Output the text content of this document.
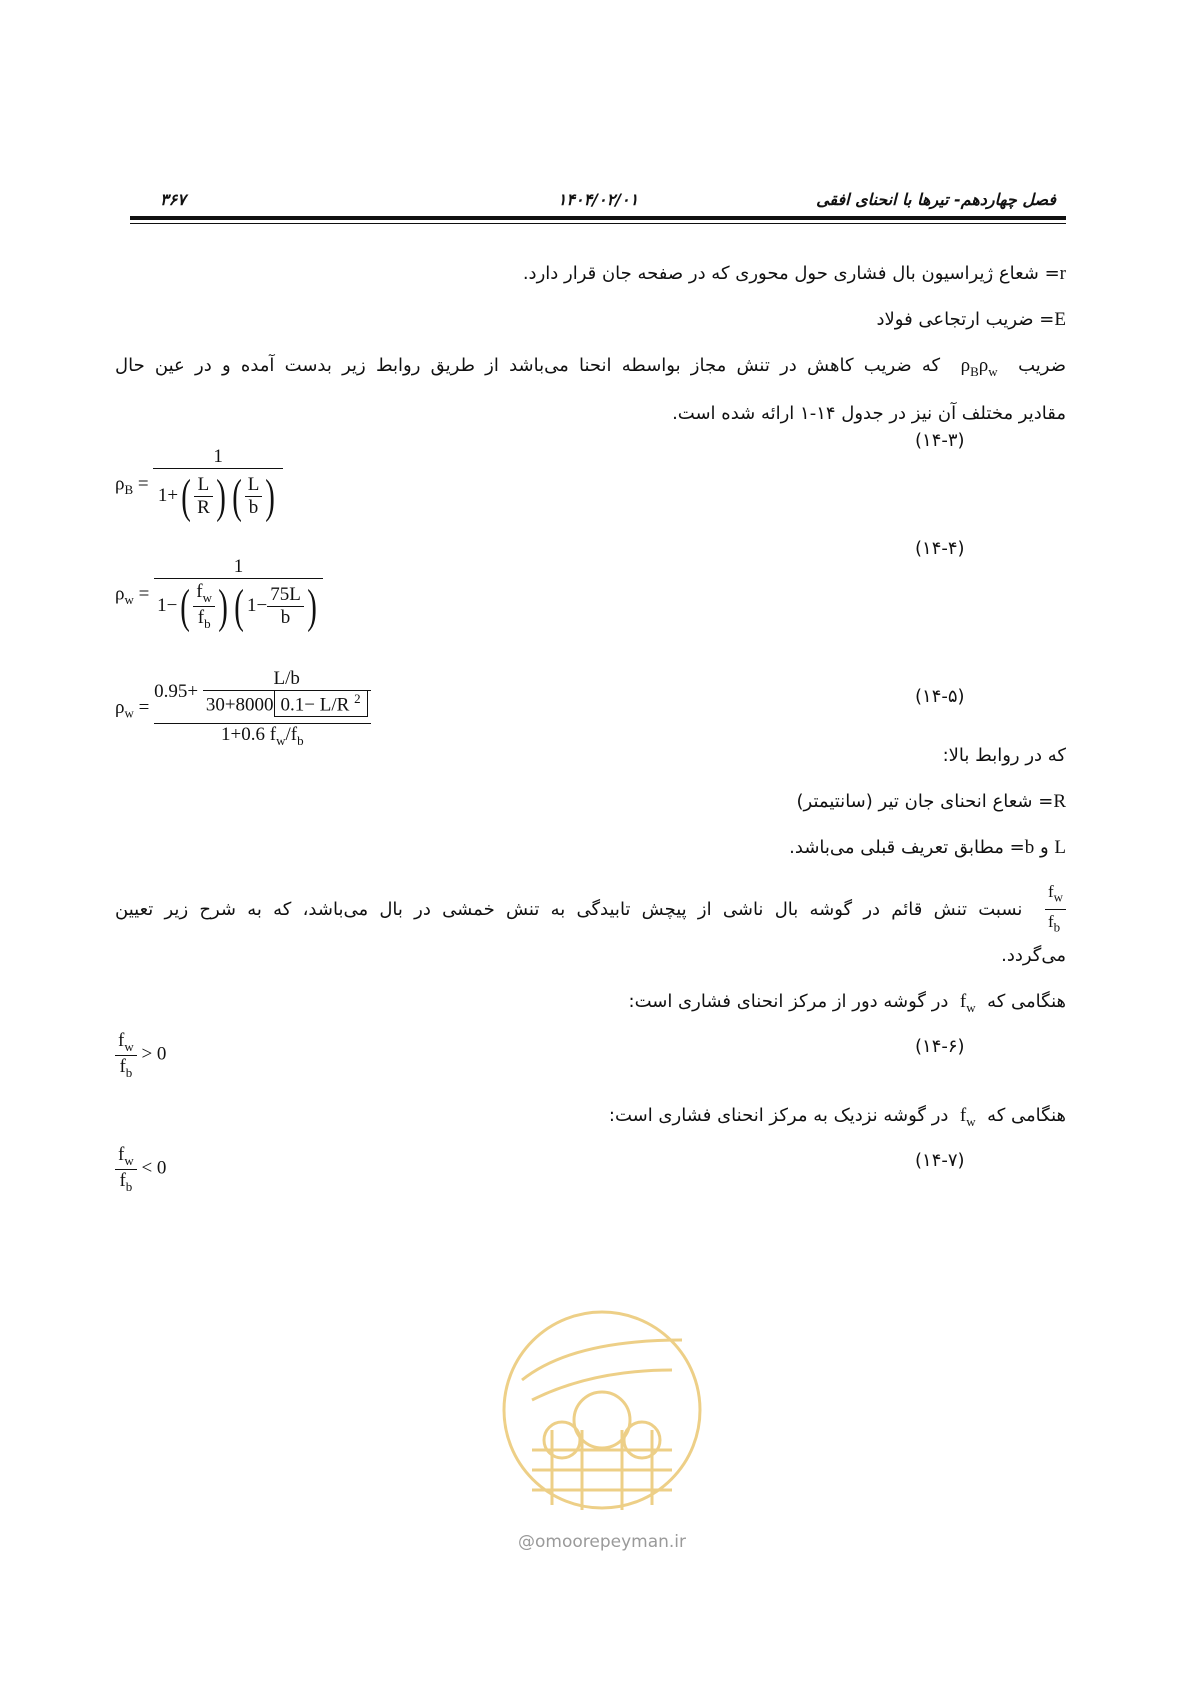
۳۶۷	۱۴۰۴/۰۲/۰۱	فصل چهاردهم- تیرها با انحنای افقی
r= شعاع ژیراسیون بال فشاری حول محوری که در صفحه جان قرار دارد.
E= ضریب ارتجاعی فولاد
ضریب  $\rho_B\rho_w$  که ضریب کاهش در تنش مجاز بواسطه انحنا می‌باشد از طریق روابط زیر بدست آمده و در عین حال
مقادیر مختلف آن نیز در جدول ۱۴-۱ ارائه شده است.
$\rho_B = \frac{1}{1+( \frac{L}{R} ) ( \frac{L}{b} )}$
(۱۴-۳)
$\rho_w = \frac{1}{1-( \frac{f_w}{f_b} ) ( 1- \frac{75L}{b} )}$
(۱۴-۴)
$\rho_w = \frac{0.95+ \frac{L/b}{30+8000 0.1- L/R ^2}}{1+0.6 f_w/f_b}$	(۱۴-۵)
که در روابط بالا:
R= شعاع انحنای جان تیر (سانتیمتر)
L و b= مطابق تعریف قبلی می‌باشد.
$\frac{f_w}{f_b}$
نسبت تنش قائم در گوشه بال ناشی از پیچش تابیدگی به تنش خمشی در بال می‌باشد، که به شرح زیر تعیین
می‌گردد.
هنگامی که  $f_w$  در گوشه دور از مرکز انحنای فشاری است:
$\frac{f_w}{f_b} > 0$	(۱۴-۶)
هنگامی که  $f_w$  در گوشه نزدیک به مرکز انحنای فشاری است:
$\frac{f_w}{f_b} < 0$	(۱۴-۷)
@omoorepeyman.ir
